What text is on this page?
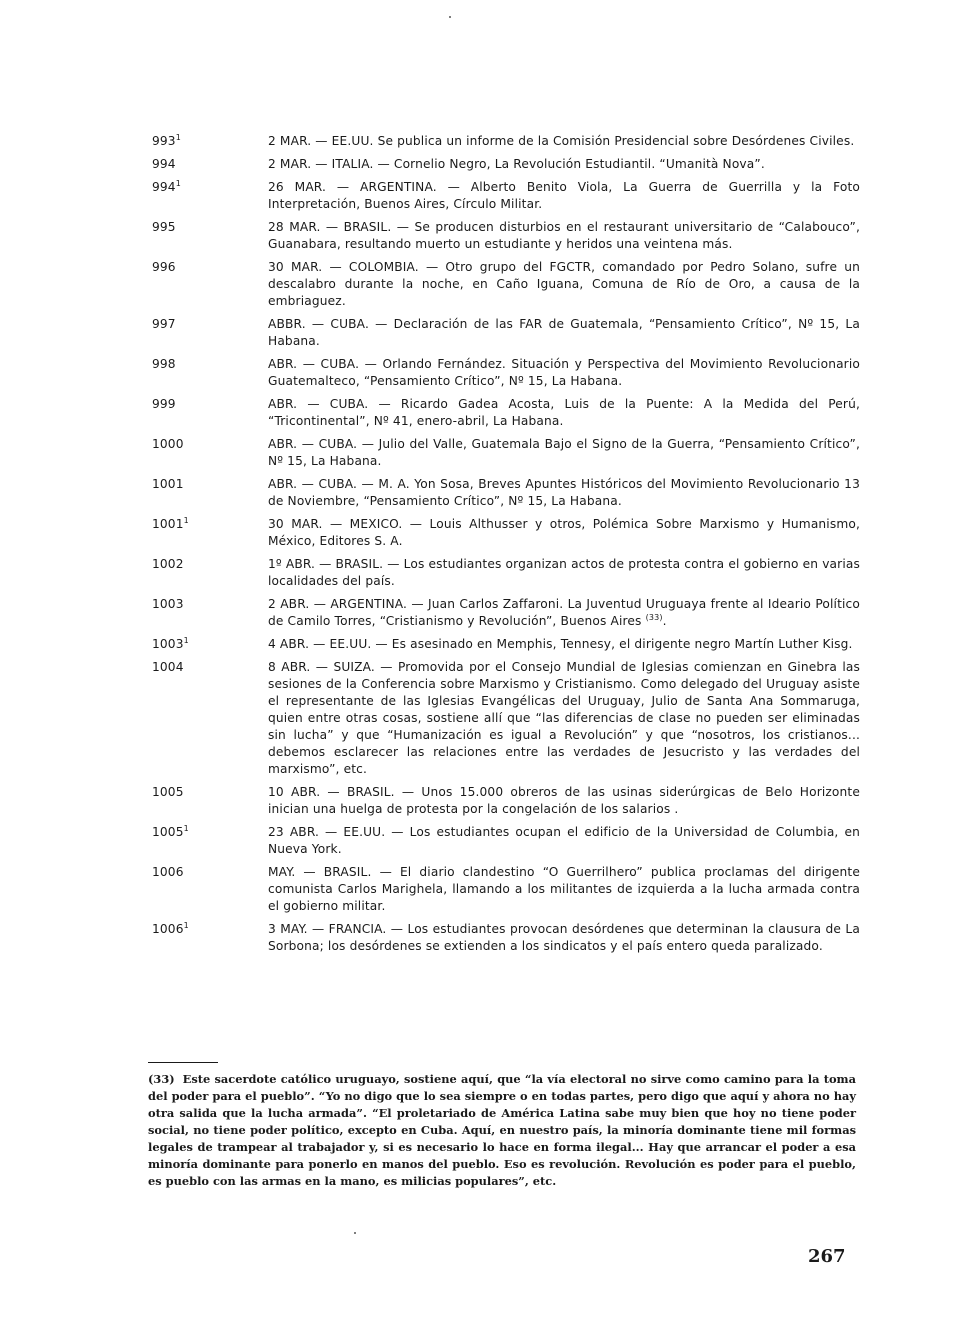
$993^1$	2 MAR. — EE.UU. Se publica un informe de la Comisión Presidencial sobre Desórdenes Civiles.
994	2 MAR. — ITALIA. — Cornelio Negro, La Revolución Estudiantil. “Umanità Nova”.
$994^1$	26 MAR. — ARGENTINA. — Alberto Benito Viola, La Guerra de Guerrilla y la Foto Interpretación, Buenos Aires, Círculo Militar.
995	28 MAR. — BRASIL. — Se producen disturbios en el restaurant universitario de “Calabouco”, Guanabara, resultando muerto un estudiante y heridos una veintena más.
996	30 MAR. — COLOMBIA. — Otro grupo del FGCTR, comandado por Pedro Solano, sufre un descalabro durante la noche, en Caño Iguana, Comuna de Río de Oro, a causa de la embriaguez.
997	ABBR. — CUBA. — Declaración de las FAR de Guatemala, “Pensamiento Crítico”, Nº 15, La Habana.
998	ABR. — CUBA. — Orlando Fernández. Situación y Perspectiva del Movimiento Revolucionario Guatemalteco, “Pensamiento Crítico”, Nº 15, La Habana.
999	ABR. — CUBA. — Ricardo Gadea Acosta, Luis de la Puente: A la Medida del Perú, “Tricontinental”, Nº 41, enero-abril, La Habana.
1000	ABR. — CUBA. — Julio del Valle, Guatemala Bajo el Signo de la Guerra, “Pensamiento Crítico”, Nº 15, La Habana.
1001	ABR. — CUBA. — M. A. Yon Sosa, Breves Apuntes Históricos del Movimiento Revolucionario 13 de Noviembre, “Pensamiento Crítico”, Nº 15, La Habana.
1001$^1$	30 MAR. — MEXICO. — Louis Althusser y otros, Polémica Sobre Marxismo y Humanismo, México, Editores S. A.
1002	1º ABR. — BRASIL. — Los estudiantes organizan actos de protesta contra el gobierno en varias localidades del país.
1003	2 ABR. — ARGENTINA. — Juan Carlos Zaffaroni. La Juventud Uruguaya frente al Ideario Político de Camilo Torres, “Cristianismo y Revolución”, Buenos Aires $^{(33)}$.
1003$^1$	4 ABR. — EE.UU. — Es asesinado en Memphis, Tennesy, el dirigente negro Martín Luther Kisg.
1004	8 ABR. — SUIZA. — Promovida por el Consejo Mundial de Iglesias comienzan en Ginebra las sesiones de la Conferencia sobre Marxismo y Cristianismo. Como delegado del Uruguay asiste el representante de las Iglesias Evangélicas del Uruguay, Julio de Santa Ana Sommaruga, quien entre otras cosas, sostiene allí que “las diferencias de clase no pueden ser eliminadas sin lucha” y que “Humanización es igual a Revolución” y que “nosotros, los cristianos... debemos esclarecer las relaciones entre las verdades de Jesucristo y las verdades del marxismo”, etc.
1005	10 ABR. — BRASIL. — Unos 15.000 obreros de las usinas siderúrgicas de Belo Horizonte inician una huelga de protesta por la congelación de los salarios .
1005$^1$	23 ABR. — EE.UU. — Los estudiantes ocupan el edificio de la Universidad de Columbia, en Nueva York.
1006	MAY. — BRASIL. — El diario clandestino “O Guerrilhero” publica proclamas del dirigente comunista Carlos Marighela, llamando a los militantes de izquierda a la lucha armada contra el gobierno militar.
1006$^1$	3 MAY. — FRANCIA. — Los estudiantes provocan desórdenes que determinan la clausura de La Sorbona; los desórdenes se extienden a los sindicatos y el país entero queda paralizado.
(33) Este sacerdote católico uruguayo, sostiene aquí, que “la vía electoral no sirve como camino para la toma del poder para el pueblo”. “Yo no digo que lo sea siempre o en todas partes, pero digo que aquí y ahora no hay otra salida que la lucha armada”. “El proletariado de América Latina sabe muy bien que hoy no tiene poder social, no tiene poder político, excepto en Cuba. Aquí, en nuestro país, la minoría dominante tiene mil formas legales de trampear al trabajador y, si es necesario lo hace en forma ilegal... Hay que arrancar el poder a esa minoría dominante para ponerlo en manos del pueblo. Eso es revolución. Revolución es poder para el pueblo, es pueblo con las armas en la mano, es milicias populares”, etc.
267
